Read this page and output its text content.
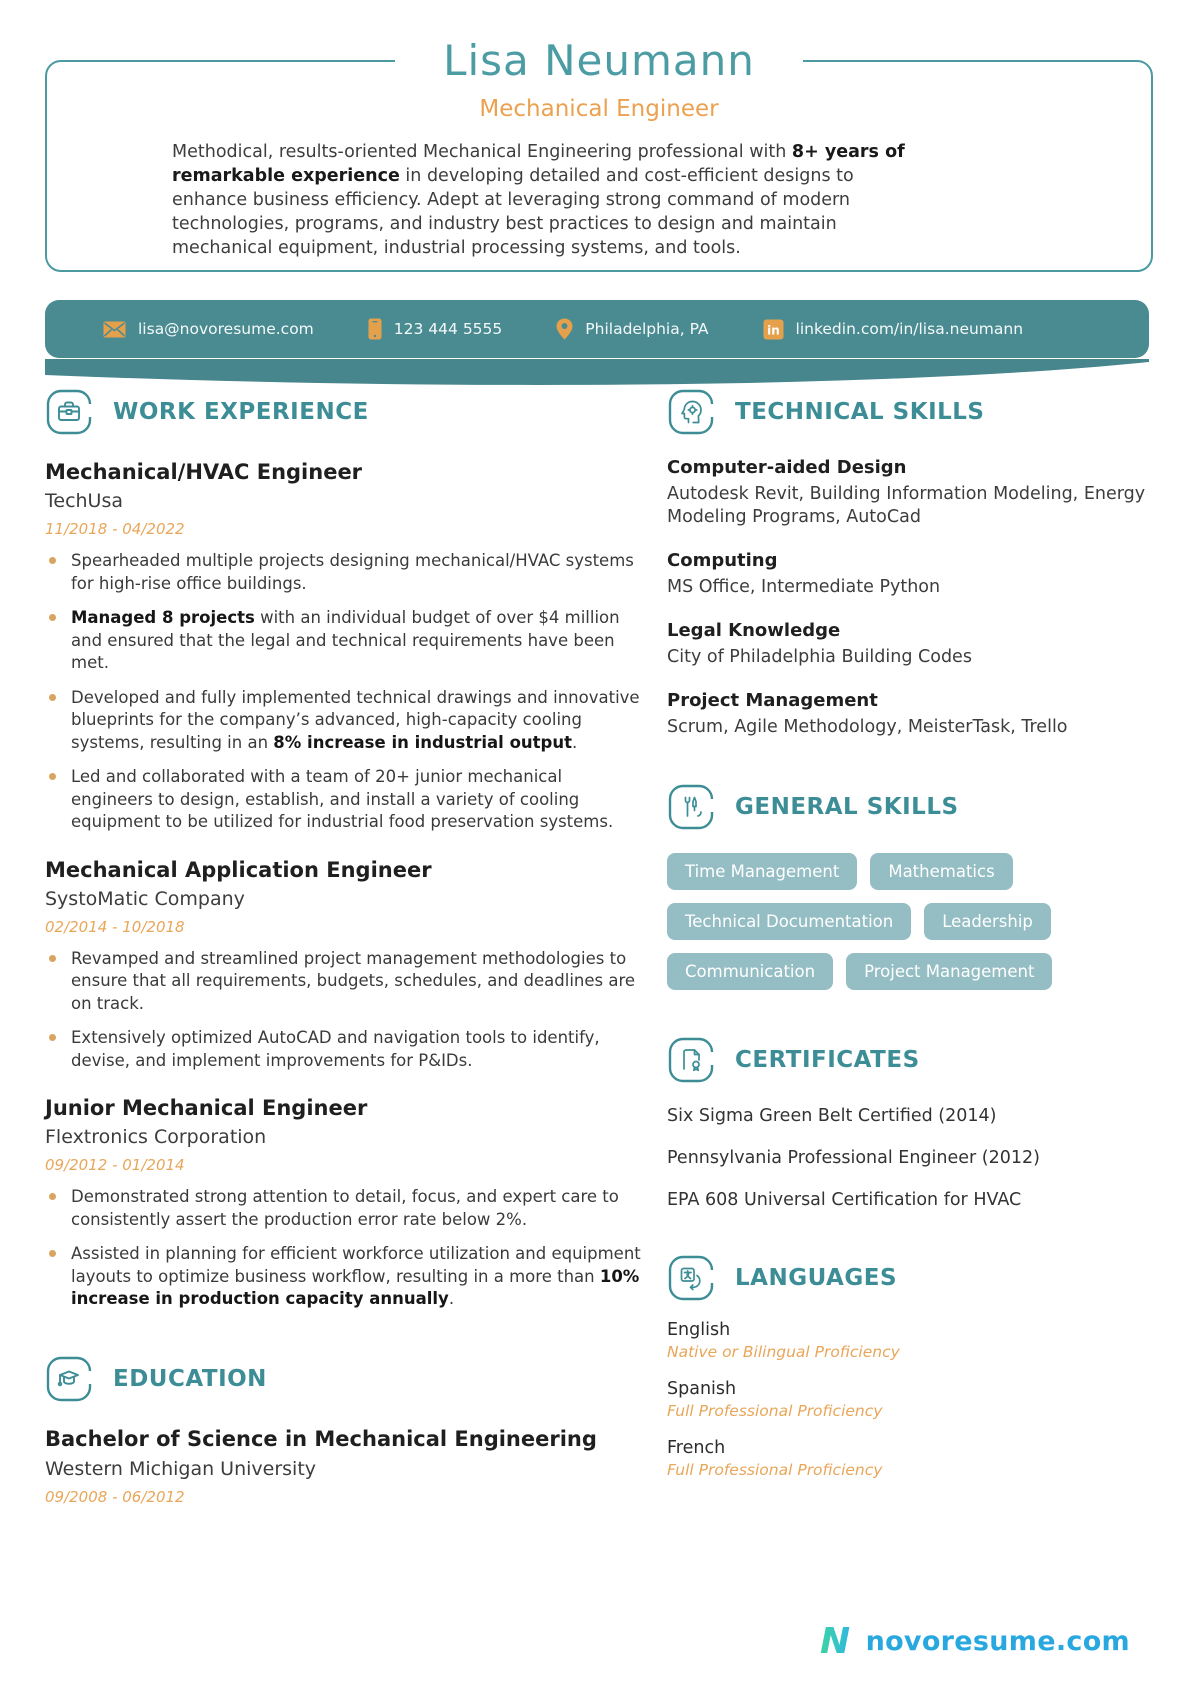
Lisa Neumann
Mechanical Engineer
Methodical, results-oriented Mechanical Engineering professional with 8+ years of remarkable experience in developing detailed and cost-efficient designs to enhance business efficiency. Adept at leveraging strong command of modern technologies, programs, and industry best practices to design and maintain mechanical equipment, industrial processing systems, and tools.
lisa@novoresume.com	123 444 5555	Philadelphia, PA	in linkedin.com/in/lisa.neumann
WORK EXPERIENCE
Mechanical/HVAC Engineer
TechUsa
11/2018 - 04/2022
Spearheaded multiple projects designing mechanical/HVAC systems for high-rise office buildings.
Managed 8 projects with an individual budget of over $4 million and ensured that the legal and technical requirements have been met.
Developed and fully implemented technical drawings and innovative blueprints for the company’s advanced, high-capacity cooling systems, resulting in an 8% increase in industrial output.
Led and collaborated with a team of 20+ junior mechanical engineers to design, establish, and install a variety of cooling equipment to be utilized for industrial food preservation systems.
Mechanical Application Engineer
SystoMatic Company
02/2014 - 10/2018
Revamped and streamlined project management methodologies to ensure that all requirements, budgets, schedules, and deadlines are on track.
Extensively optimized AutoCAD and navigation tools to identify, devise, and implement improvements for P&IDs.
Junior Mechanical Engineer
Flextronics Corporation
09/2012 - 01/2014
Demonstrated strong attention to detail, focus, and expert care to consistently assert the production error rate below 2%.
Assisted in planning for efficient workforce utilization and equipment layouts to optimize business workflow, resulting in a more than 10% increase in production capacity annually.
EDUCATION
Bachelor of Science in Mechanical Engineering
Western Michigan University
09/2008 - 06/2012
TECHNICAL SKILLS
Computer-aided Design

Autodesk Revit, Building Information Modeling, Energy Modeling Programs, AutoCad

Computing

MS Office, Intermediate Python

Legal Knowledge

City of Philadelphia Building Codes

Project Management

Scrum, Agile Methodology, MeisterTask, Trello

GENERAL SKILLS
Time Management	Mathematics
Technical Documentation	Leadership
Communication	Project Management
CERTIFICATES
Six Sigma Green Belt Certified (2014)
Pennsylvania Professional Engineer (2012)
EPA 608 Universal Certification for HVAC
LANGUAGES
English
Native or Bilingual Proficiency
Spanish
Full Professional Proficiency
French
Full Professional Proficiency
N novoresume.com
